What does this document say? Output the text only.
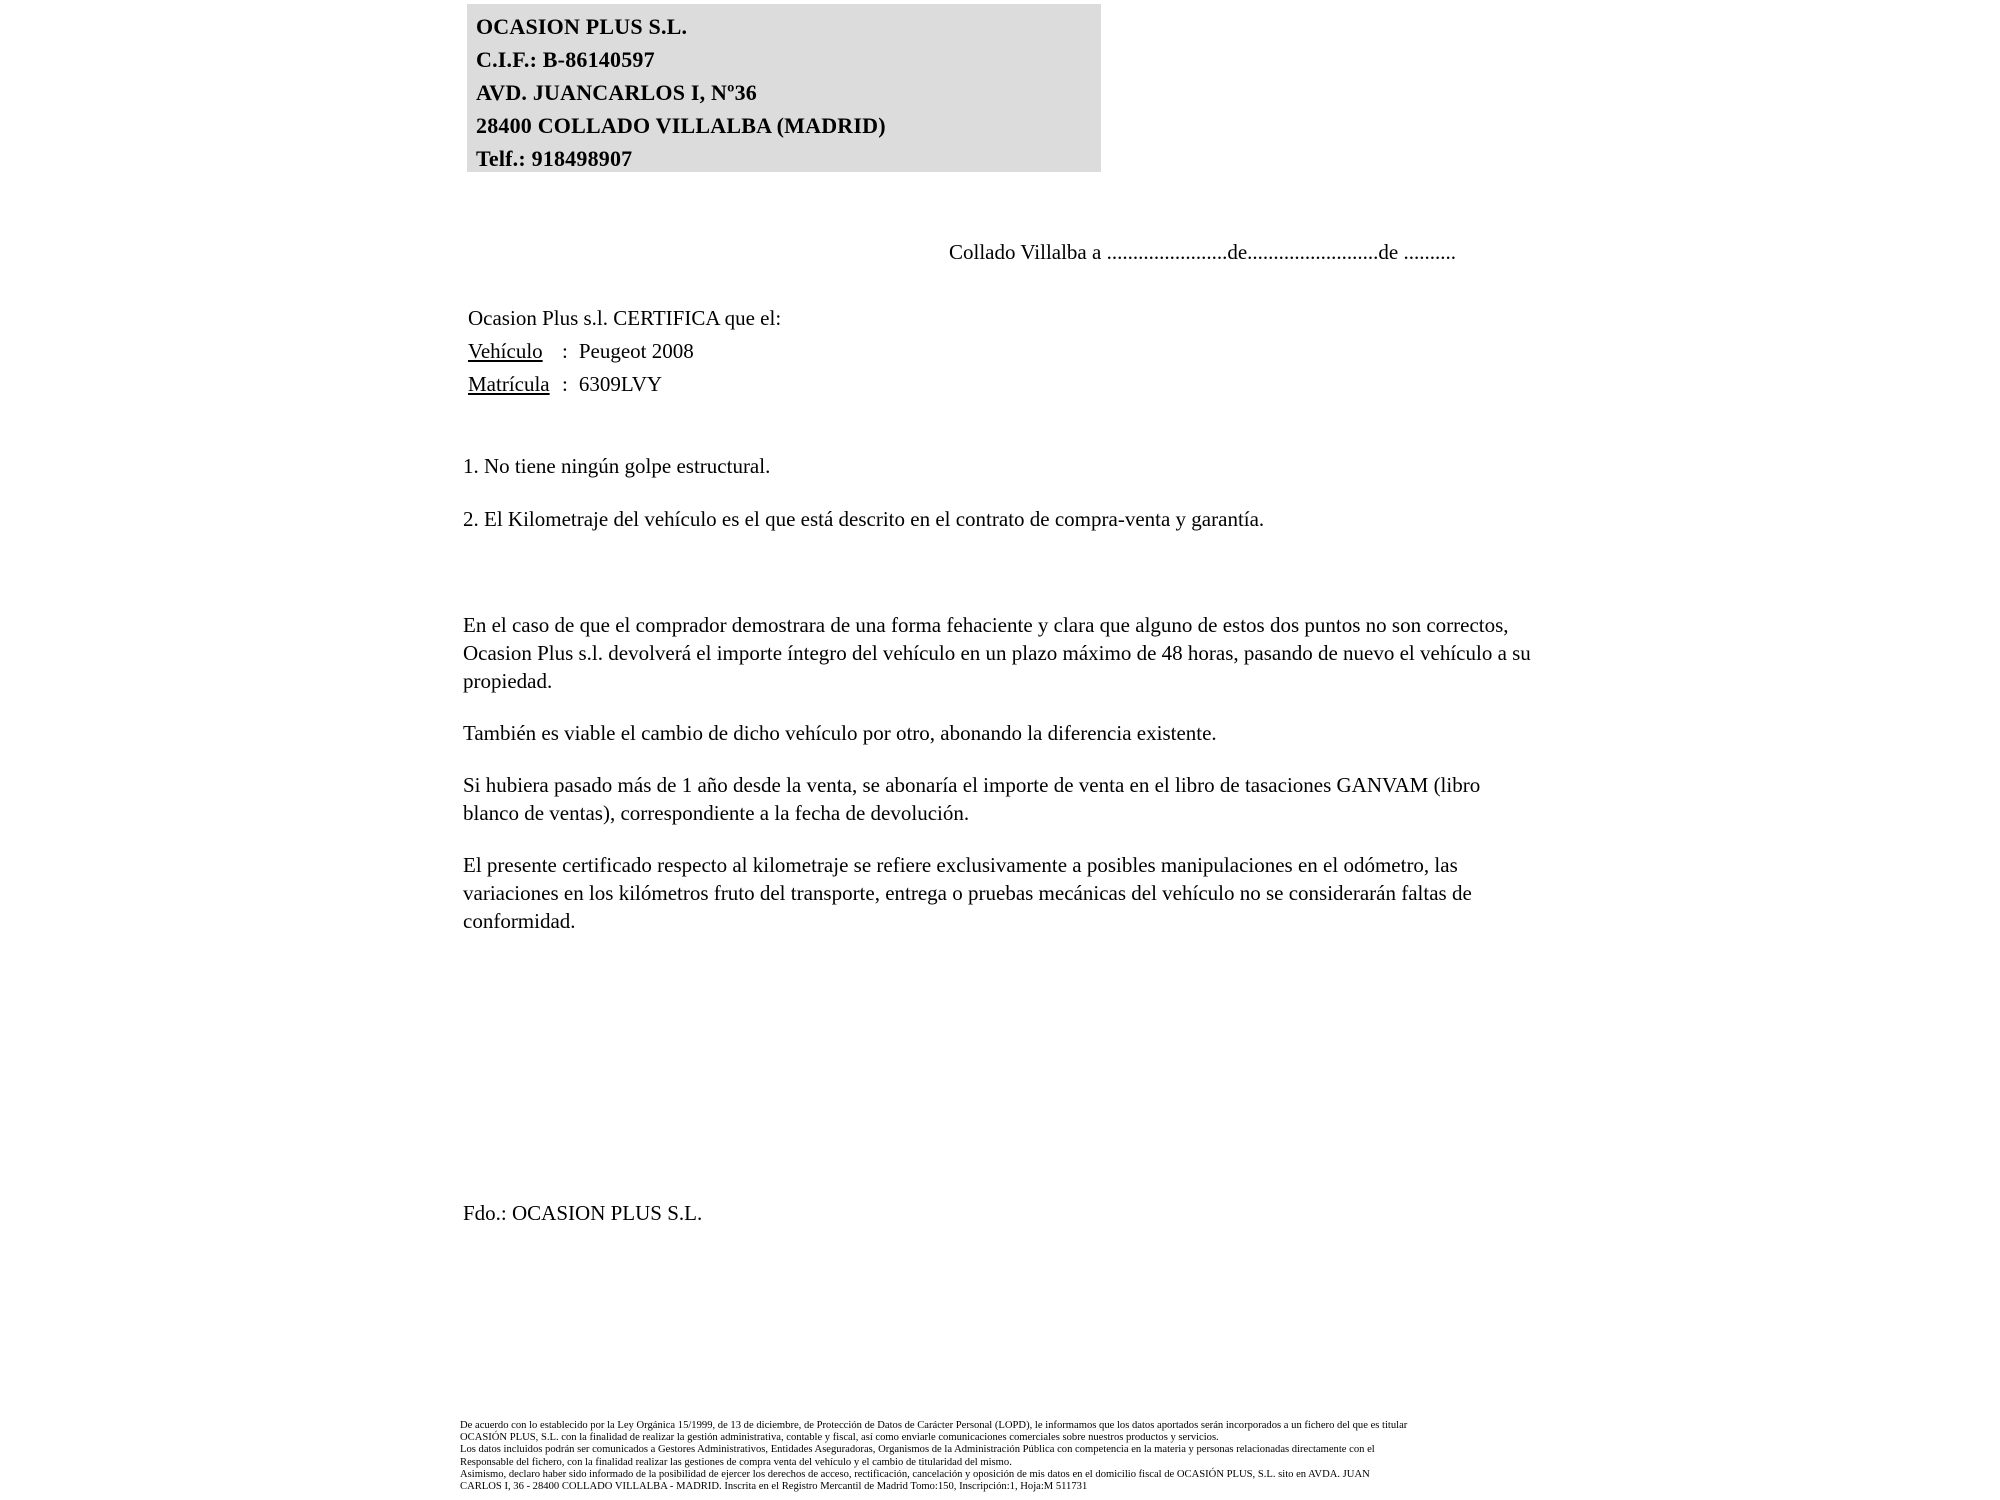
OCASION PLUS S.L.
C.I.F.: B-86140597
AVD. JUANCARLOS I, Nº36
28400 COLLADO VILLALBA (MADRID)
Telf.: 918498907
Collado Villalba a .......................de.........................de ..........
Ocasion Plus s.l. CERTIFICA que el:
Vehículo : Peugeot 2008
Matrícula : 6309LVY
1. No tiene ningún golpe estructural.
2. El Kilometraje del vehículo es el que está descrito en el contrato de compra-venta y garantía.
En el caso de que el comprador demostrara de una forma fehaciente y clara que alguno de estos dos puntos no son correctos, Ocasion Plus s.l. devolverá el importe íntegro del vehículo en un plazo máximo de 48 horas, pasando de nuevo el vehículo a su propiedad.
También es viable el cambio de dicho vehículo por otro, abonando la diferencia existente.
Si hubiera pasado más de 1 año desde la venta, se abonaría el importe de venta en el libro de tasaciones GANVAM (libro blanco de ventas), correspondiente a la fecha de devolución.
El presente certificado respecto al kilometraje se refiere exclusivamente a posibles manipulaciones en el odómetro, las variaciones en los kilómetros fruto del transporte, entrega o pruebas mecánicas del vehículo no se considerarán faltas de conformidad.
Fdo.: OCASION PLUS S.L.
De acuerdo con lo establecido por la Ley Orgánica 15/1999, de 13 de diciembre, de Protección de Datos de Carácter Personal (LOPD), le informamos que los datos aportados serán incorporados a un fichero del que es titular
OCASIÓN PLUS, S.L. con la finalidad de realizar la gestión administrativa, contable y fiscal, así como enviarle comunicaciones comerciales sobre nuestros productos y servicios.
Los datos incluidos podrán ser comunicados a Gestores Administrativos, Entidades Aseguradoras, Organismos de la Administración Pública con competencia en la materia y personas relacionadas directamente con el
Responsable del fichero, con la finalidad realizar las gestiones de compra venta del vehículo y el cambio de titularidad del mismo.
Asimismo, declaro haber sido informado de la posibilidad de ejercer los derechos de acceso, rectificación, cancelación y oposición de mis datos en el domicilio fiscal de OCASIÓN PLUS, S.L. sito en AVDA. JUAN
CARLOS I, 36 - 28400 COLLADO VILLALBA - MADRID. Inscrita en el Registro Mercantil de Madrid Tomo:150, Inscripción:1, Hoja:M 511731
